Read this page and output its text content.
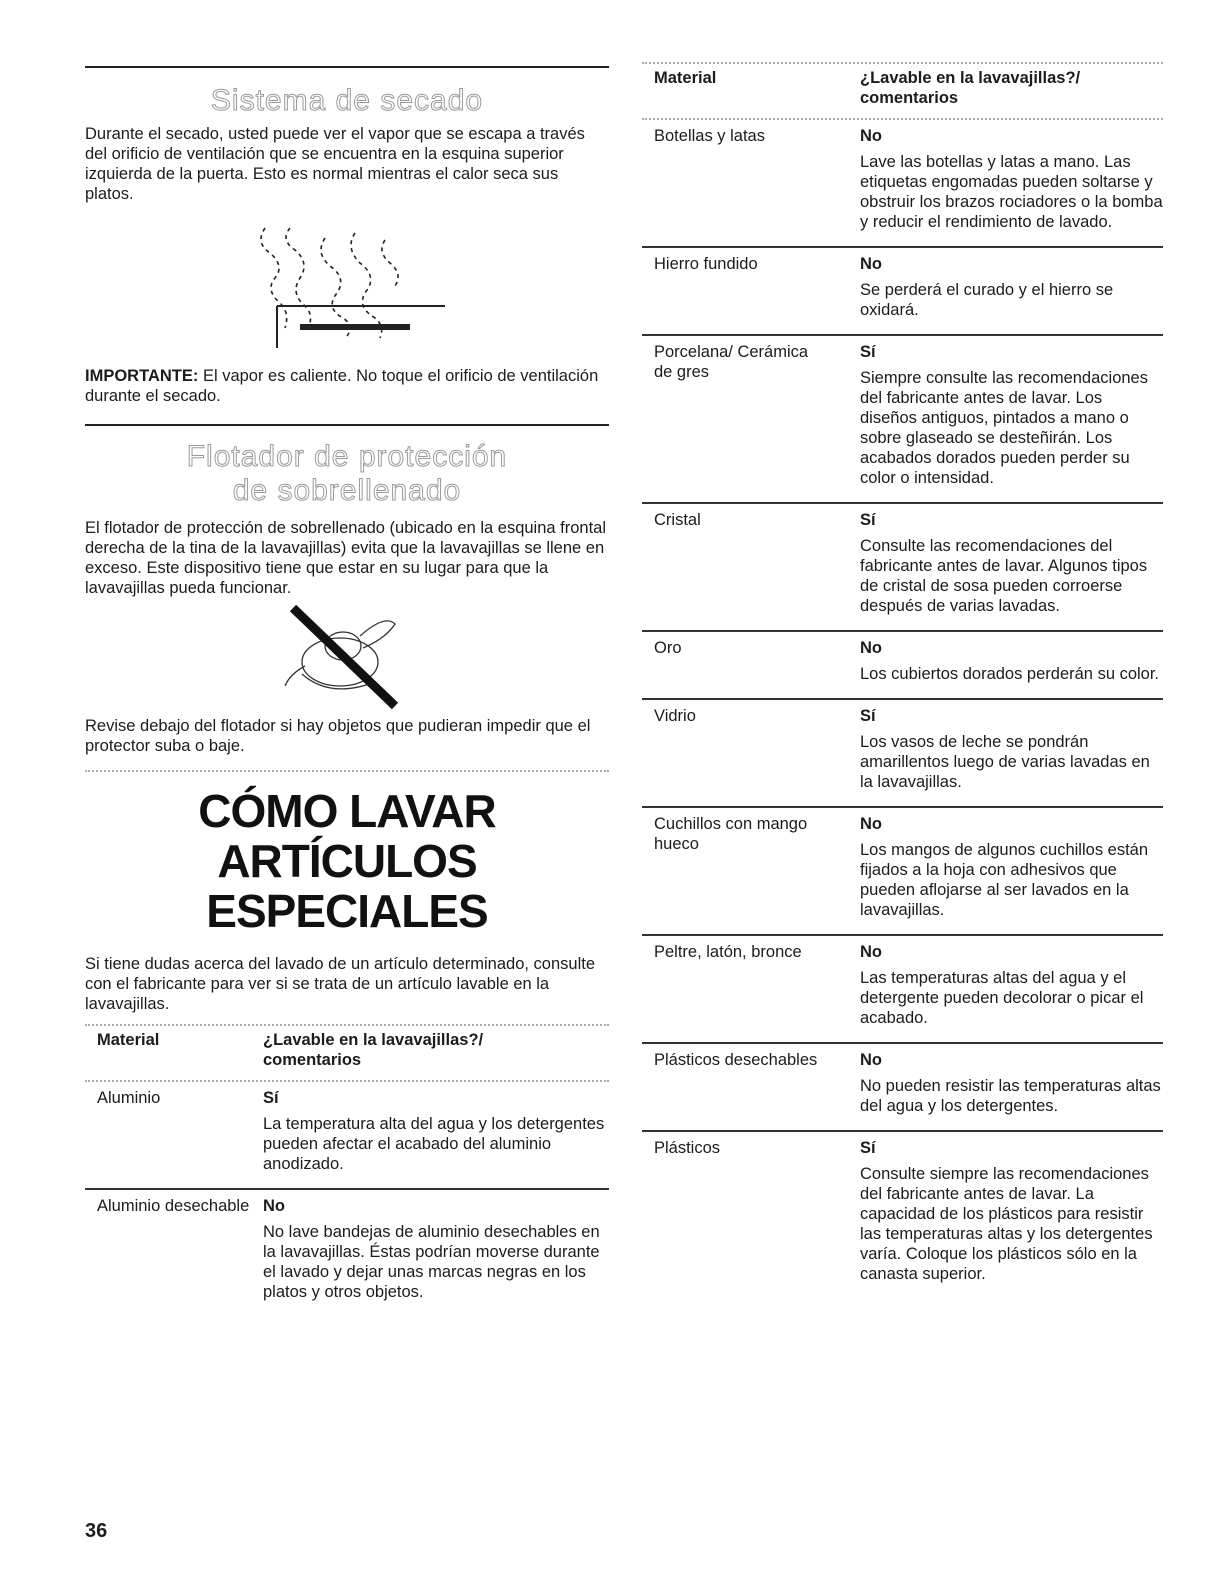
Sistema de secado

Durante el secado, usted puede ver el vapor que se escapa a través del orificio de ventilación que se encuentra en la esquina superior izquierda de la puerta. Esto es normal mientras el calor seca sus platos.

IMPORTANTE: El vapor es caliente. No toque el orificio de ventilación durante el secado.

Flotador de protección
de sobrellenado

El flotador de protección de sobrellenado (ubicado en la esquina frontal derecha de la tina de la lavavajillas) evita que la lavavajillas se llene en exceso. Este dispositivo tiene que estar en su lugar para que la lavavajillas pueda funcionar.

Revise debajo del flotador si hay objetos que pudieran impedir que el protector suba o baje.

CÓMO LAVAR
ARTÍCULOS
ESPECIALES

Si tiene dudas acerca del lavado de un artículo determinado, consulte con el fabricante para ver si se trata de un artículo lavable en la lavavajillas.

Material	¿Lavable en la lavavajillas?/
comentarios

Aluminio	Sí
La temperatura alta del agua y los detergentes pueden afectar el acabado del aluminio anodizado.
Aluminio desechable	No
No lave bandejas de aluminio desechables en la lavavajillas. Éstas podrían moverse durante el lavado y dejar unas marcas negras en los platos y otros objetos.
Material	¿Lavable en la lavavajillas?/
comentarios

Botellas y latas	No
Lave las botellas y latas a mano. Las etiquetas engomadas pueden soltarse y obstruir los brazos rociadores o la bomba y reducir el rendimiento de lavado.
Hierro fundido	No
Se perderá el curado y el hierro se oxidará.
Porcelana/ Cerámica de gres	Sí
Siempre consulte las recomendaciones del fabricante antes de lavar. Los diseños antiguos, pintados a mano o sobre glaseado se desteñirán. Los acabados dorados pueden perder su color o intensidad.
Cristal	Sí
Consulte las recomendaciones del fabricante antes de lavar. Algunos tipos de cristal de sosa pueden corroerse después de varias lavadas.
Oro	No
Los cubiertos dorados perderán su color.
Vidrio	Sí
Los vasos de leche se pondrán amarillentos luego de varias lavadas en la lavavajillas.
Cuchillos con mango hueco	No
Los mangos de algunos cuchillos están fijados a la hoja con adhesivos que pueden aflojarse al ser lavados en la lavavajillas.
Peltre, latón, bronce	No
Las temperaturas altas del agua y el detergente pueden decolorar o picar el acabado.
Plásticos desechables	No
No pueden resistir las temperaturas altas del agua y los detergentes.
Plásticos	Sí
Consulte siempre las recomendaciones del fabricante antes de lavar. La capacidad de los plásticos para resistir las temperaturas altas y los detergentes varía. Coloque los plásticos sólo en la canasta superior.
36
